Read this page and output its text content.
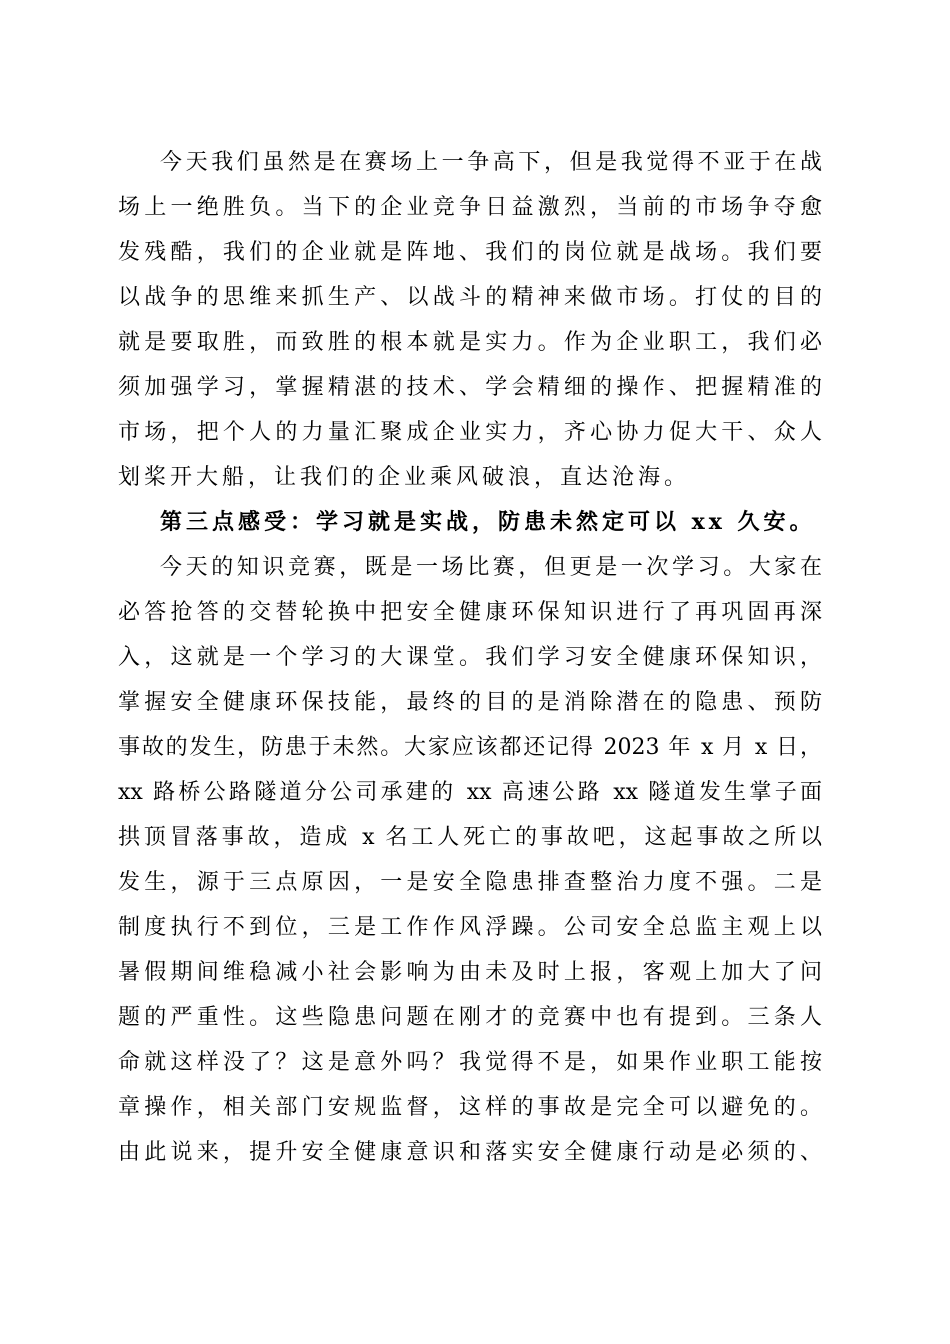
今天我们虽然是在赛场上一争高下，但是我觉得不亚于在战
场上一绝胜负。当下的企业竞争日益激烈，当前的市场争夺愈
发残酷，我们的企业就是阵地、我们的岗位就是战场。我们要
以战争的思维来抓生产、以战斗的精神来做市场。打仗的目的
就是要取胜，而致胜的根本就是实力。作为企业职工，我们必
须加强学习，掌握精湛的技术、学会精细的操作、把握精准的
市场，把个人的力量汇聚成企业实力，齐心协力促大干、众人
划桨开大船，让我们的企业乘风破浪，直达沧海。
第三点感受：学习就是实战，防患未然定可以 xx 久安。
今天的知识竞赛，既是一场比赛，但更是一次学习。大家在
必答抢答的交替轮换中把安全健康环保知识进行了再巩固再深
入，这就是一个学习的大课堂。我们学习安全健康环保知识，
掌握安全健康环保技能，最终的目的是消除潜在的隐患、预防
事故的发生，防患于未然。大家应该都还记得 2023 年 x 月 x 日，
xx 路桥公路隧道分公司承建的 xx 高速公路 xx 隧道发生掌子面
拱顶冒落事故，造成 x 名工人死亡的事故吧，这起事故之所以
发生，源于三点原因，一是安全隐患排查整治力度不强。二是
制度执行不到位，三是工作作风浮躁。公司安全总监主观上以
暑假期间维稳减小社会影响为由未及时上报，客观上加大了问
题的严重性。这些隐患问题在刚才的竞赛中也有提到。三条人
命就这样没了？这是意外吗？我觉得不是，如果作业职工能按
章操作，相关部门安规监督，这样的事故是完全可以避免的。
由此说来，提升安全健康意识和落实安全健康行动是必须的、
